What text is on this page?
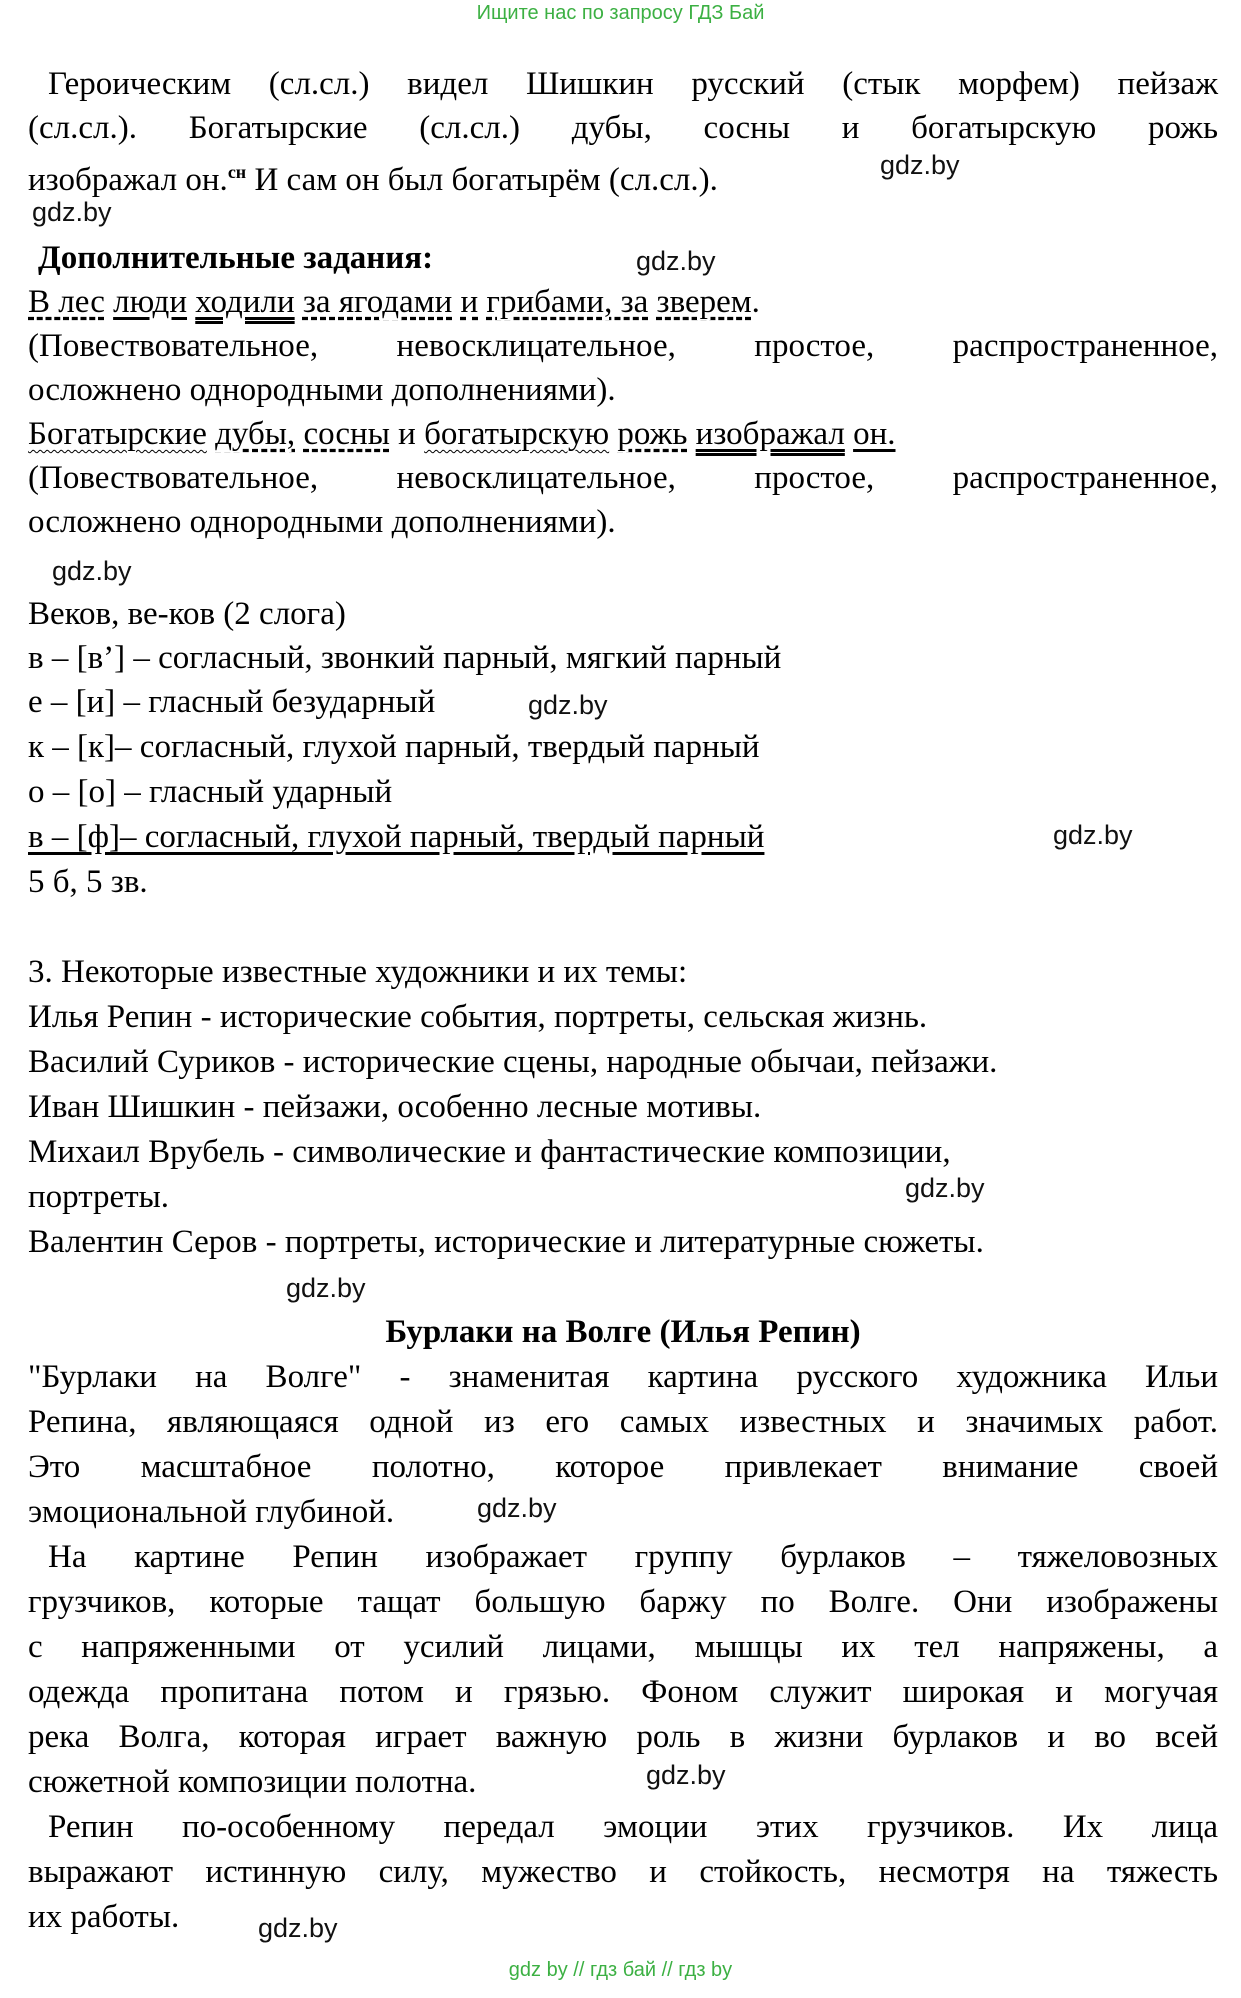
Ищите нас по запросу ГДЗ Бай
Героическим (сл.сл.) видел Шишкин русский (стык морфем) пейзаж
(сл.сл.). Богатырские (сл.сл.) дубы, сосны и богатырскую рожь
изображал он.$^{сн}$ И сам он был богатырём (сл.сл.).
Дополнительные задания:
В лес люди ходили за ягодами и грибами, за зверем.
(Повествовательное, невосклицательное, простое, распространенное,
осложнено однородными дополнениями).
Богатырские дубы, сосны и богатырскую рожь изображал он.
(Повествовательное, невосклицательное, простое, распространенное,
осложнено однородными дополнениями).
Веков, ве-ков (2 слога)
в – [в’] – согласный, звонкий парный, мягкий парный
е – [и] – гласный безударный
к – [к]– согласный, глухой парный, твердый парный
о – [о] – гласный ударный
в – [ф]– согласный, глухой парный, твердый парный
5 б, 5 зв.
3. Некоторые известные художники и их темы:
Илья Репин - исторические события, портреты, сельская жизнь.
Василий Суриков - исторические сцены, народные обычаи, пейзажи.
Иван Шишкин - пейзажи, особенно лесные мотивы.
Михаил Врубель - символические и фантастические композиции,
портреты.
Валентин Серов - портреты, исторические и литературные сюжеты.
Бурлаки на Волге (Илья Репин)
"Бурлаки на Волге" - знаменитая картина русского художника Ильи
Репина, являющаяся одной из его самых известных и значимых работ.
Это масштабное полотно, которое привлекает внимание своей
эмоциональной глубиной.
На картине Репин изображает группу бурлаков – тяжеловозных
грузчиков, которые тащат большую баржу по Волге. Они изображены
с напряженными от усилий лицами, мышцы их тел напряжены, а
одежда пропитана потом и грязью. Фоном служит широкая и могучая
река Волга, которая играет важную роль в жизни бурлаков и во всей
сюжетной композиции полотна.
Репин по-особенному передал эмоции этих грузчиков. Их лица
выражают истинную силу, мужество и стойкость, несмотря на тяжесть
их работы.
gdz.by
gdz.by
gdz.by
gdz.by
gdz.by
gdz.by
gdz.by
gdz.by
gdz.by
gdz.by
gdz.by
gdz by // гдз бай // гдз by
